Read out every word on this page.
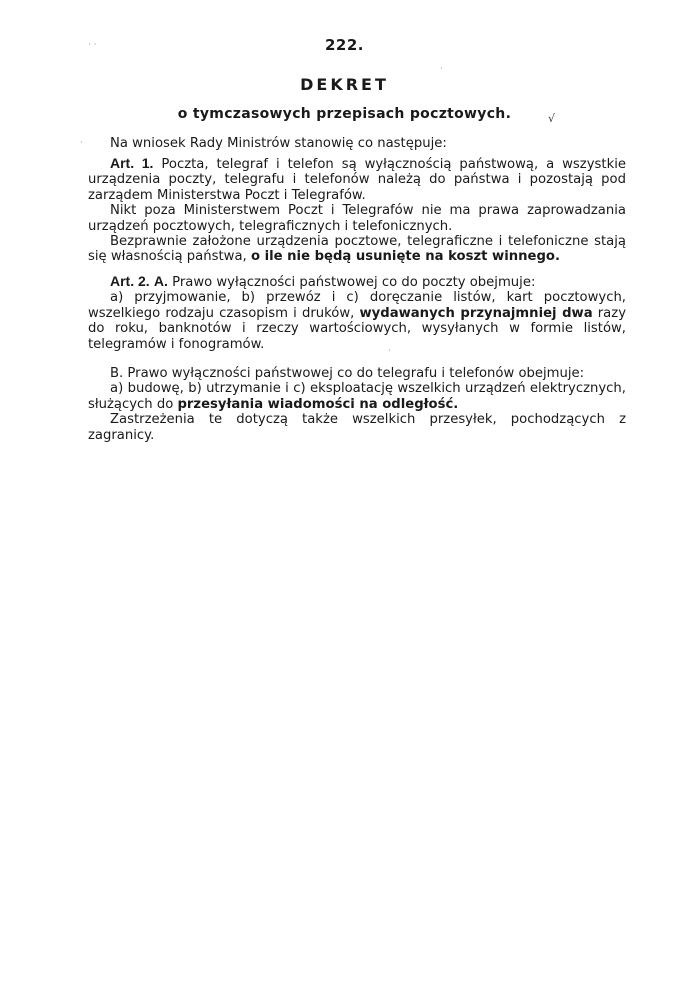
222.
DEKRET
o tymczasowych przepisach pocztowych.	√

Na wniosek Rady Ministrów stanowię co następuje:

Art. 1. Poczta, telegraf i telefon są wyłącznością państwową, a wszystkie urządzenia poczty, telegrafu i telefonów należą do państwa i pozostają pod zarządem Ministerstwa Poczt i Telegrafów.

Nikt poza Ministerstwem Poczt i Telegrafów nie ma prawa zaprowadzania urządzeń pocztowych, telegraficznych i telefonicznych.

Bezprawnie założone urządzenia pocztowe, telegraficzne i telefoniczne stają się własnością państwa, o ile nie będą usunięte na koszt winnego.

Art. 2. A. Prawo wyłączności państwowej co do poczty obejmuje:

a) przyjmowanie, b) przewóz i c) doręczanie listów, kart pocztowych, wszelkiego rodzaju czasopism i druków, wydawanych przynajmniej dwa razy do roku, banknotów i rzeczy wartościowych, wysyłanych w formie listów, telegramów i fonogramów.

B. Prawo wyłączności państwowej co do telegrafu i telefonów obejmuje:

a) budowę, b) utrzymanie i c) eksploatację wszelkich urządzeń elektrycznych, służących do przesyłania wiadomości na odległość.

Zastrzeżenia te dotyczą także wszelkich przesyłek, pochodzących z zagranicy.

· ·
·
·
·
